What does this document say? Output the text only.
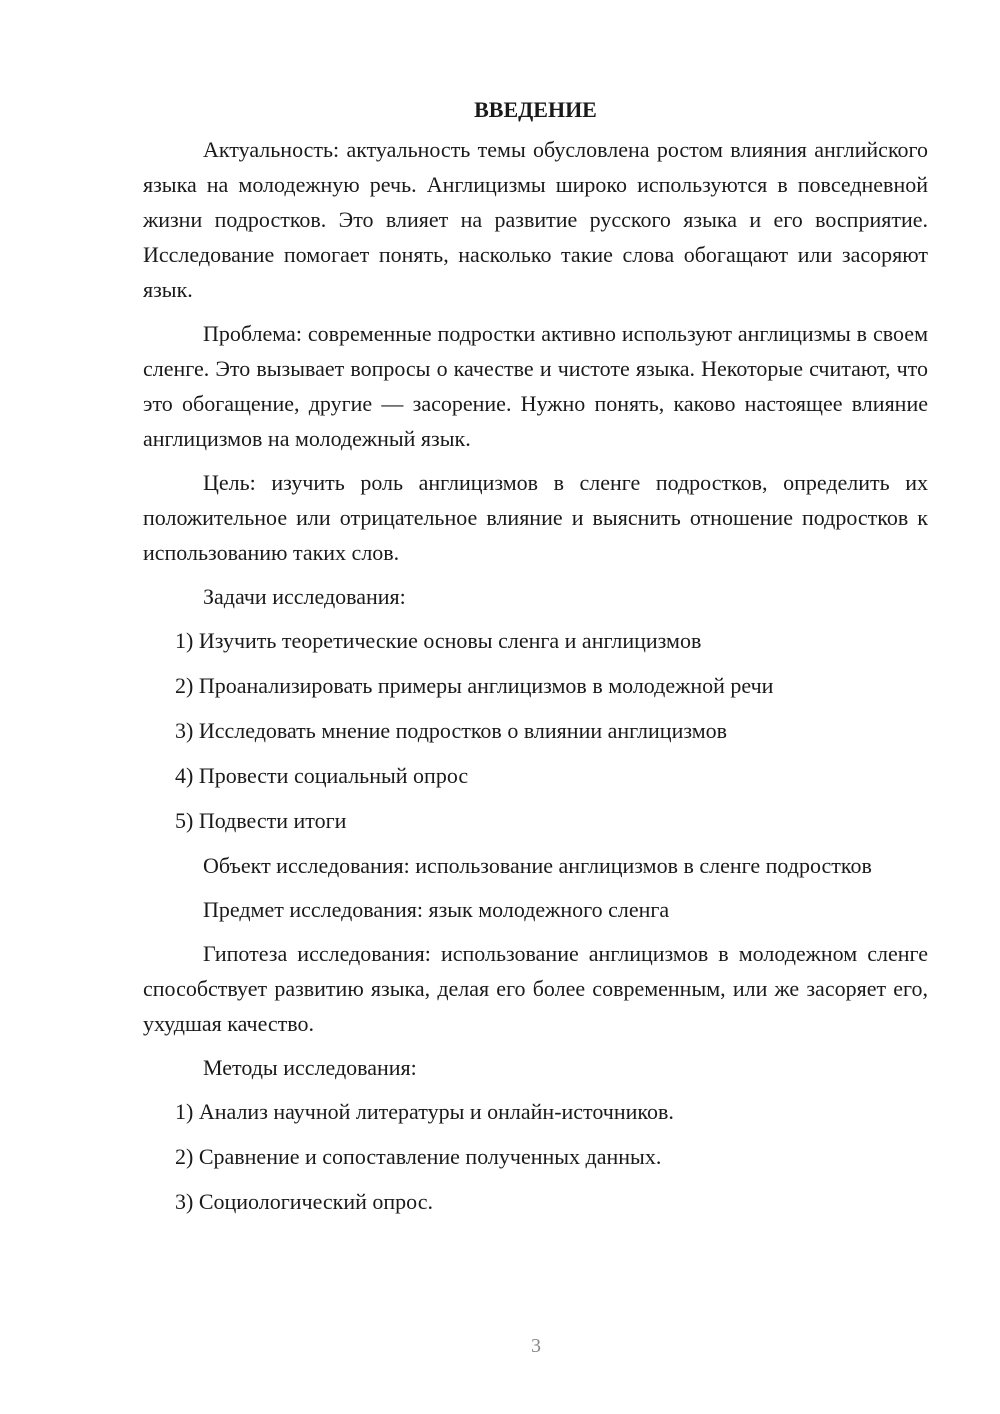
ВВЕДЕНИЕ

Актуальность: актуальность темы обусловлена ростом влияния английского языка на молодежную речь. Англицизмы широко используются в повседневной жизни подростков. Это влияет на развитие русского языка и его восприятие. Исследование помогает понять, насколько такие слова обогащают или засоряют язык.

Проблема: современные подростки активно используют англицизмы в своем сленге. Это вызывает вопросы о качестве и чистоте языка. Некоторые считают, что это обогащение, другие — засорение. Нужно понять, каково настоящее влияние англицизмов на молодежный язык.

Цель: изучить роль англицизмов в сленге подростков, определить их положительное или отрицательное влияние и выяснить отношение подростков к использованию таких слов.

Задачи исследования:

1) Изучить теоретические основы сленга и англицизмов
2) Проанализировать примеры англицизмов в молодежной речи
3) Исследовать мнение подростков о влиянии англицизмов
4) Провести социальный опрос
5) Подвести итоги

Объект исследования: использование англицизмов в сленге подростков

Предмет исследования: язык молодежного сленга

Гипотеза исследования: использование англицизмов в молодежном сленге способствует развитию языка, делая его более современным, или же засоряет его, ухудшая качество.

Методы исследования:

1) Анализ научной литературы и онлайн-источников.
2) Сравнение и сопоставление полученных данных.
3) Социологический опрос.
3
